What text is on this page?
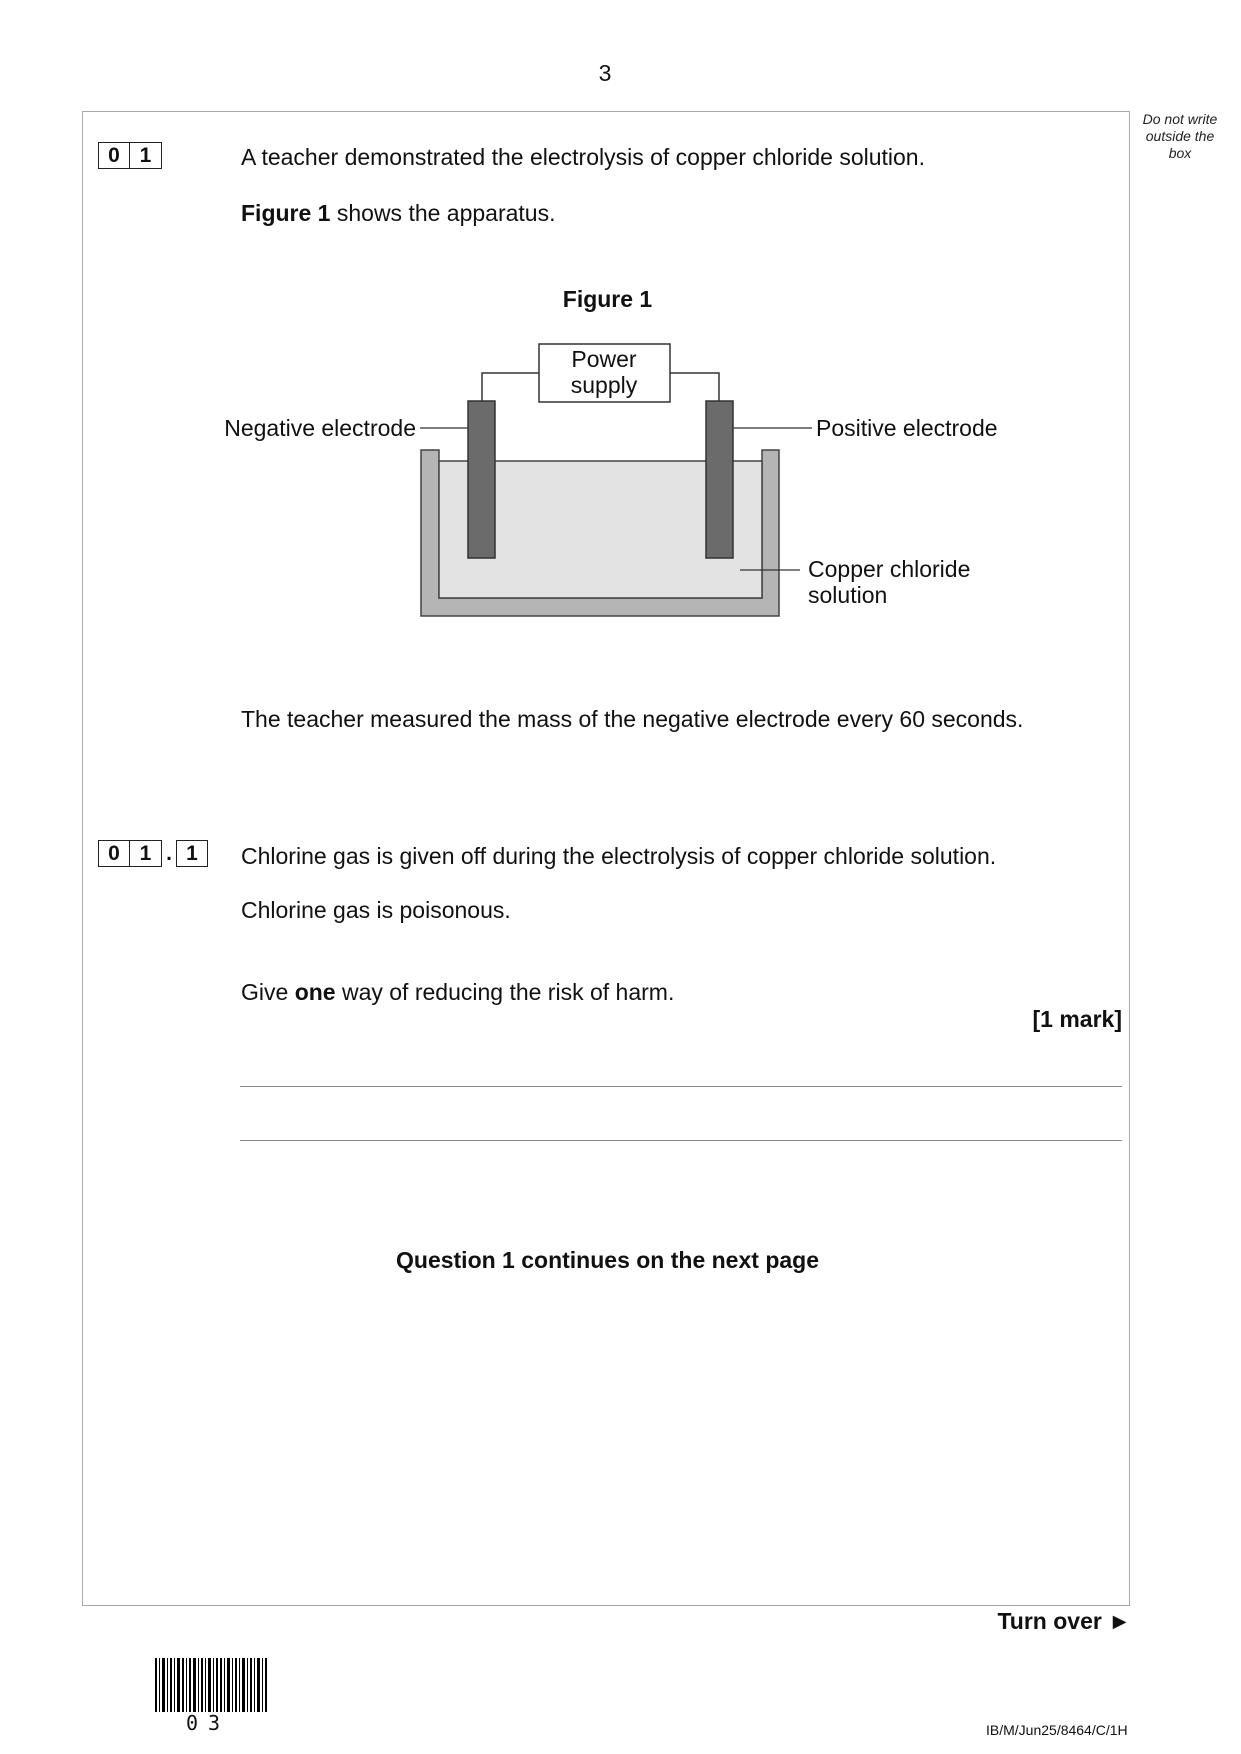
3
Do not write
outside the
box
0 1	A teacher demonstrated the electrolysis of copper chloride solution.
Figure 1 shows the apparatus.
Figure 1
Power
supply
Negative electrode	Positive electrode
Copper chloride
solution
The teacher measured the mass of the negative electrode every 60 seconds.
0 1 . 1	Chlorine gas is given off during the electrolysis of copper chloride solution.
Chlorine gas is poisonous.
Give one way of reducing the risk of harm.
[1 mark]
Question 1 continues on the next page
Turn over ►
03	IB/M/Jun25/8464/C/1H
